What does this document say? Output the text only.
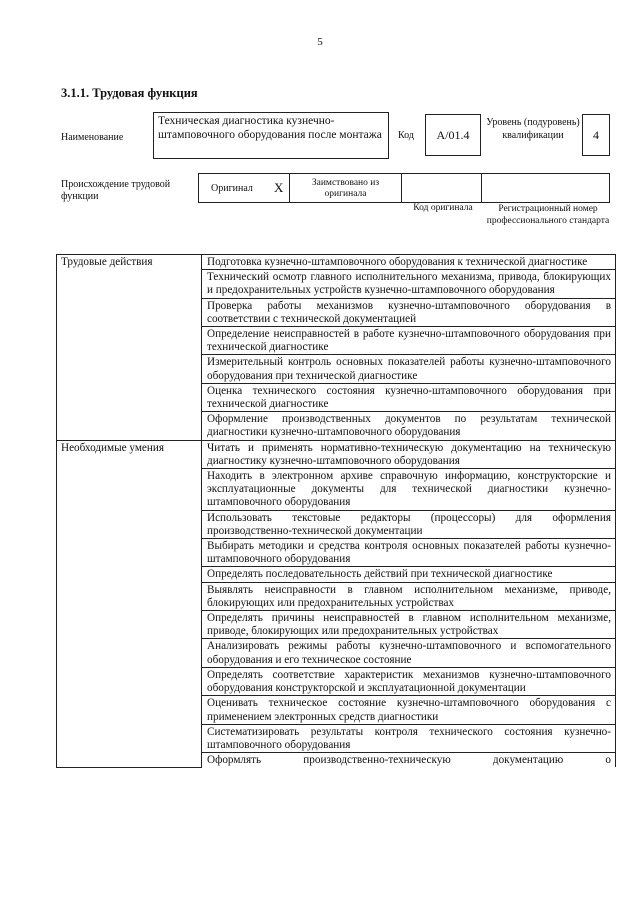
5
3.1.1. Трудовая функция
Наименование
Техническая диагностика кузнечно-штамповочного оборудования после монтажа	Код A/01.4
Уровень (подуровень) квалификации	4
Происхождение трудовой функции
Оригинал X	Заимствовано из оригинала
Код оригинала	Регистрационный номер профессионального стандарта
Трудовые действия	Подготовка кузнечно-штамповочного оборудования к технической диагностике
	Технический осмотр главного исполнительного механизма, привода, блокирующих и предохранительных устройств кузнечно-штамповочного оборудования
	Проверка работы механизмов кузнечно-штамповочного оборудования в соответствии с технической документацией
	Определение неисправностей в работе кузнечно-штамповочного оборудования при технической диагностике
	Измерительный контроль основных показателей работы кузнечно-штамповочного оборудования при технической диагностике
	Оценка технического состояния кузнечно-штамповочного оборудования при технической диагностике
	Оформление производственных документов по результатам технической диагностики кузнечно-штамповочного оборудования
Необходимые умения	Читать и применять нормативно-техническую документацию на техническую диагностику кузнечно-штамповочного оборудования
	Находить в электронном архиве справочную информацию, конструкторские и эксплуатационные документы для технической диагностики кузнечно-штамповочного оборудования
	Использовать текстовые редакторы (процессоры) для оформления производственно-технической документации
	Выбирать методики и средства контроля основных показателей работы кузнечно-штамповочного оборудования
	Определять последовательность действий при технической диагностике
	Выявлять неисправности в главном исполнительном механизме, приводе, блокирующих или предохранительных устройствах
	Определять причины неисправностей в главном исполнительном механизме, приводе, блокирующих или предохранительных устройствах
	Анализировать режимы работы кузнечно-штамповочного и вспомогательного оборудования и его техническое состояние
	Определять соответствие характеристик механизмов кузнечно-штамповочного оборудования конструкторской и эксплуатационной документации
	Оценивать техническое состояние кузнечно-штамповочного оборудования с применением электронных средств диагностики
	Систематизировать результаты контроля технического состояния кузнечно-штамповочного оборудования
	Оформлять производственно-техническую документацию о
